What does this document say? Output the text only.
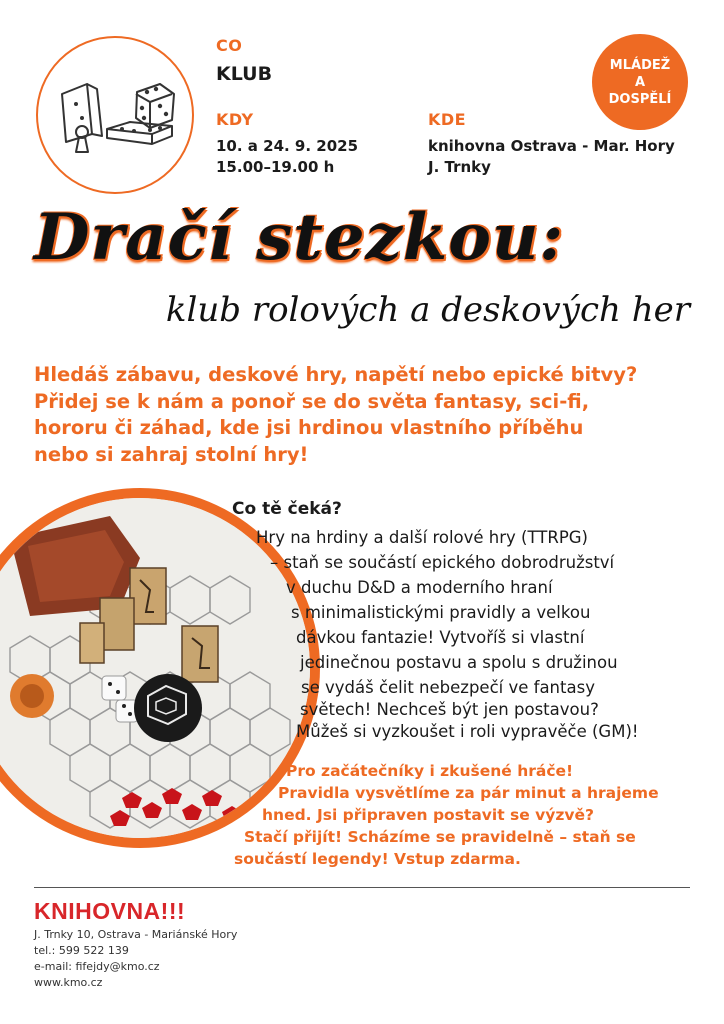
CO
KLUB
KDY
10. a 24. 9. 2025
15.00–19.00 h
KDE
knihovna Ostrava - Mar. Hory
J. Trnky
MLÁDEŽ
A
DOSPĚLÍ
Dračí stezkou:
klub rolových a deskových her
Hledáš zábavu, deskové hry, napětí nebo epické bitvy?
Přidej se k nám a ponoř se do světa fantasy, sci-fi,
hororu či záhad, kde jsi hrdinou vlastního příběhu
nebo si zahraj stolní hry!
Co tě čeká?
Hry na hrdiny a další rolové hry (TTRPG)
– staň se součástí epického dobrodružství
v duchu D&D a moderního hraní
s minimalistickými pravidly a velkou
dávkou fantazie! Vytvoříš si vlastní
jedinečnou postavu a spolu s družinou
se vydáš čelit nebezpečí ve fantasy
světech! Nechceš být jen postavou?
Můžeš si vyzkoušet i roli vypravěče (GM)!
Pro začátečníky i zkušené hráče!
Pravidla vysvětlíme za pár minut a hrajeme
hned. Jsi připraven postavit se výzvě?
Stačí přijít! Scházíme se pravidelně – staň se
součástí legendy! Vstup zdarma.
KNIHOVNA!!!
J. Trnky 10, Ostrava - Mariánské Hory
tel.: 599 522 139
e-mail: fifejdy@kmo.cz
www.kmo.cz
